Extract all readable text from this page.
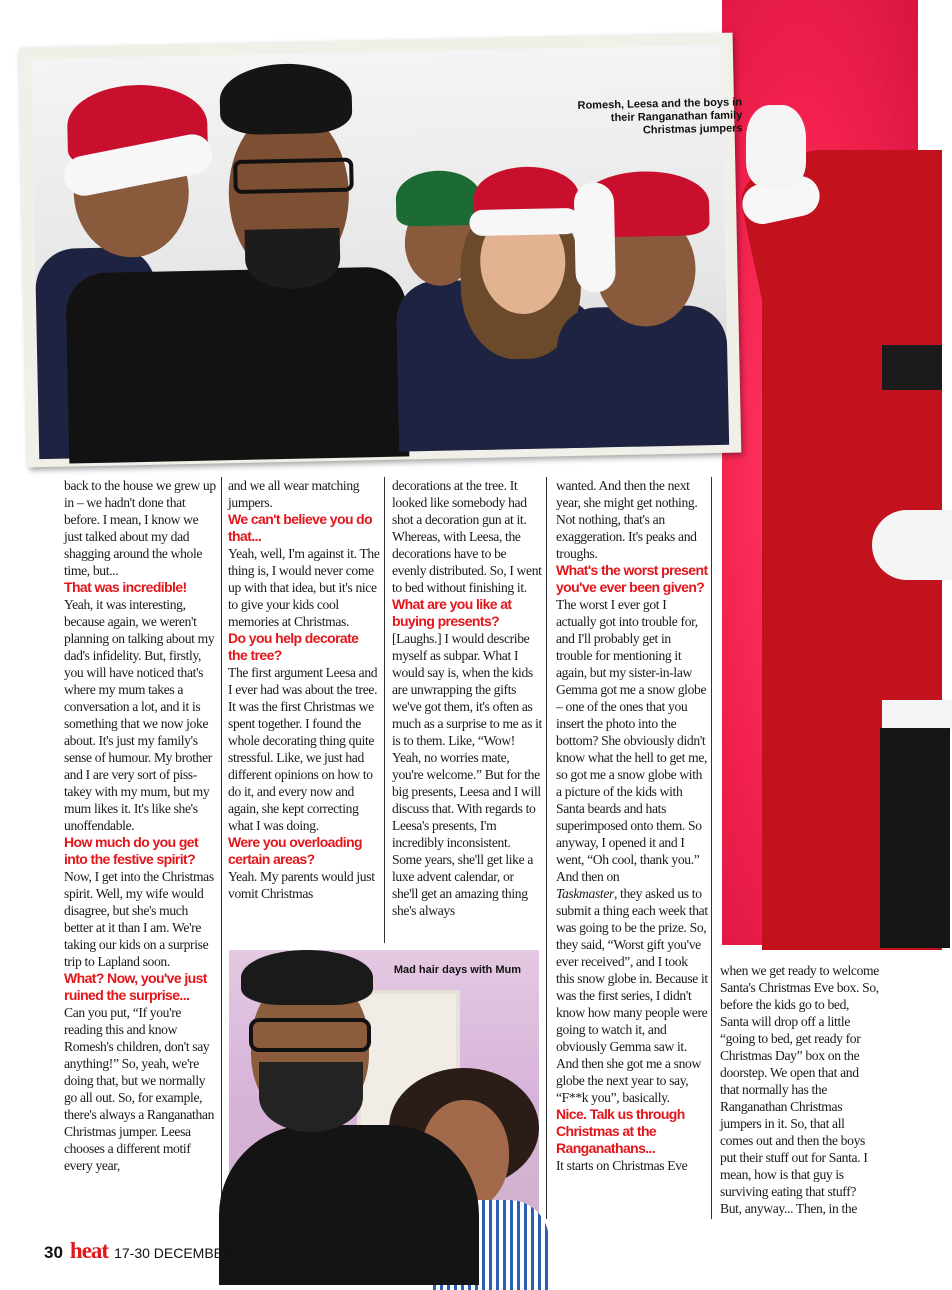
Romesh, Leesa and the boys in their Ranganathan family Christmas jumpers

back to the house we grew up in – we hadn't done that before. I mean, I know we just talked about my dad shagging around the whole time, but...

That was incredible!

Yeah, it was interesting, because again, we weren't planning on talking about my dad's infidelity. But, firstly, you will have noticed that's where my mum takes a conversation a lot, and it is something that we now joke about. It's just my family's sense of humour. My brother and I are very sort of piss-takey with my mum, but my mum likes it. It's like she's unoffendable.

How much do you get into the festive spirit?

Now, I get into the Christmas spirit. Well, my wife would disagree, but she's much better at it than I am. We're taking our kids on a surprise trip to Lapland soon.

What? Now, you've just ruined the surprise...

Can you put, “If you're reading this and know Romesh's children, don't say anything!” So, yeah, we're doing that, but we normally go all out. So, for example, there's always a Ranganathan Christmas jumper. Leesa chooses a different motif every year,

and we all wear matching jumpers.

We can't believe you do that...

Yeah, well, I'm against it. The thing is, I would never come up with that idea, but it's nice to give your kids cool memories at Christmas.

Do you help decorate the tree?

The first argument Leesa and I ever had was about the tree. It was the first Christmas we spent together. I found the whole decorating thing quite stressful. Like, we just had different opinions on how to do it, and every now and again, she kept correcting what I was doing.

Were you overloading certain areas?

Yeah. My parents would just vomit Christmas

decorations at the tree. It looked like somebody had shot a decoration gun at it. Whereas, with Leesa, the decorations have to be evenly distributed. So, I went to bed without finishing it.

What are you like at buying presents?

[Laughs.] I would describe myself as subpar. What I would say is, when the kids are unwrapping the gifts we've got them, it's often as much as a surprise to me as it is to them. Like, “Wow! Yeah, no worries mate, you're welcome.” But for the big presents, Leesa and I will discuss that. With regards to Leesa's presents, I'm incredibly inconsistent. Some years, she'll get like a luxe advent calendar, or she'll get an amazing thing she's always

wanted. And then the next year, she might get nothing. Not nothing, that's an exaggeration. It's peaks and troughs.

What's the worst present you've ever been given?

The worst I ever got I actually got into trouble for, and I'll probably get in trouble for mentioning it again, but my sister-in-law Gemma got me a snow globe – one of the ones that you insert the photo into the bottom? She obviously didn't know what the hell to get me, so got me a snow globe with a picture of the kids with Santa beards and hats superimposed onto them. So anyway, I opened it and I went, “Oh cool, thank you.” And then on

Taskmaster, they asked us to submit a thing each week that was going to be the prize. So, they said, “Worst gift you've ever received”, and I took this snow globe in. Because it was the first series, I didn't know how many people were going to watch it, and obviously Gemma saw it. And then she got me a snow globe the next year to say, “F**k you”, basically.

Nice. Talk us through Christmas at the Ranganathans...

It starts on Christmas Eve

when we get ready to welcome Santa's Christmas Eve box. So, before the kids go to bed, Santa will drop off a little “going to bed, get ready for Christmas Day” box on the doorstep. We open that and that normally has the Ranganathan Christmas jumpers in it. So, that all comes out and then the boys put their stuff out for Santa. I mean, how is that guy is surviving eating that stuff? But, anyway... Then, in the

Mad hair days with Mum
30 heat 17-30 DECEMBER 2
